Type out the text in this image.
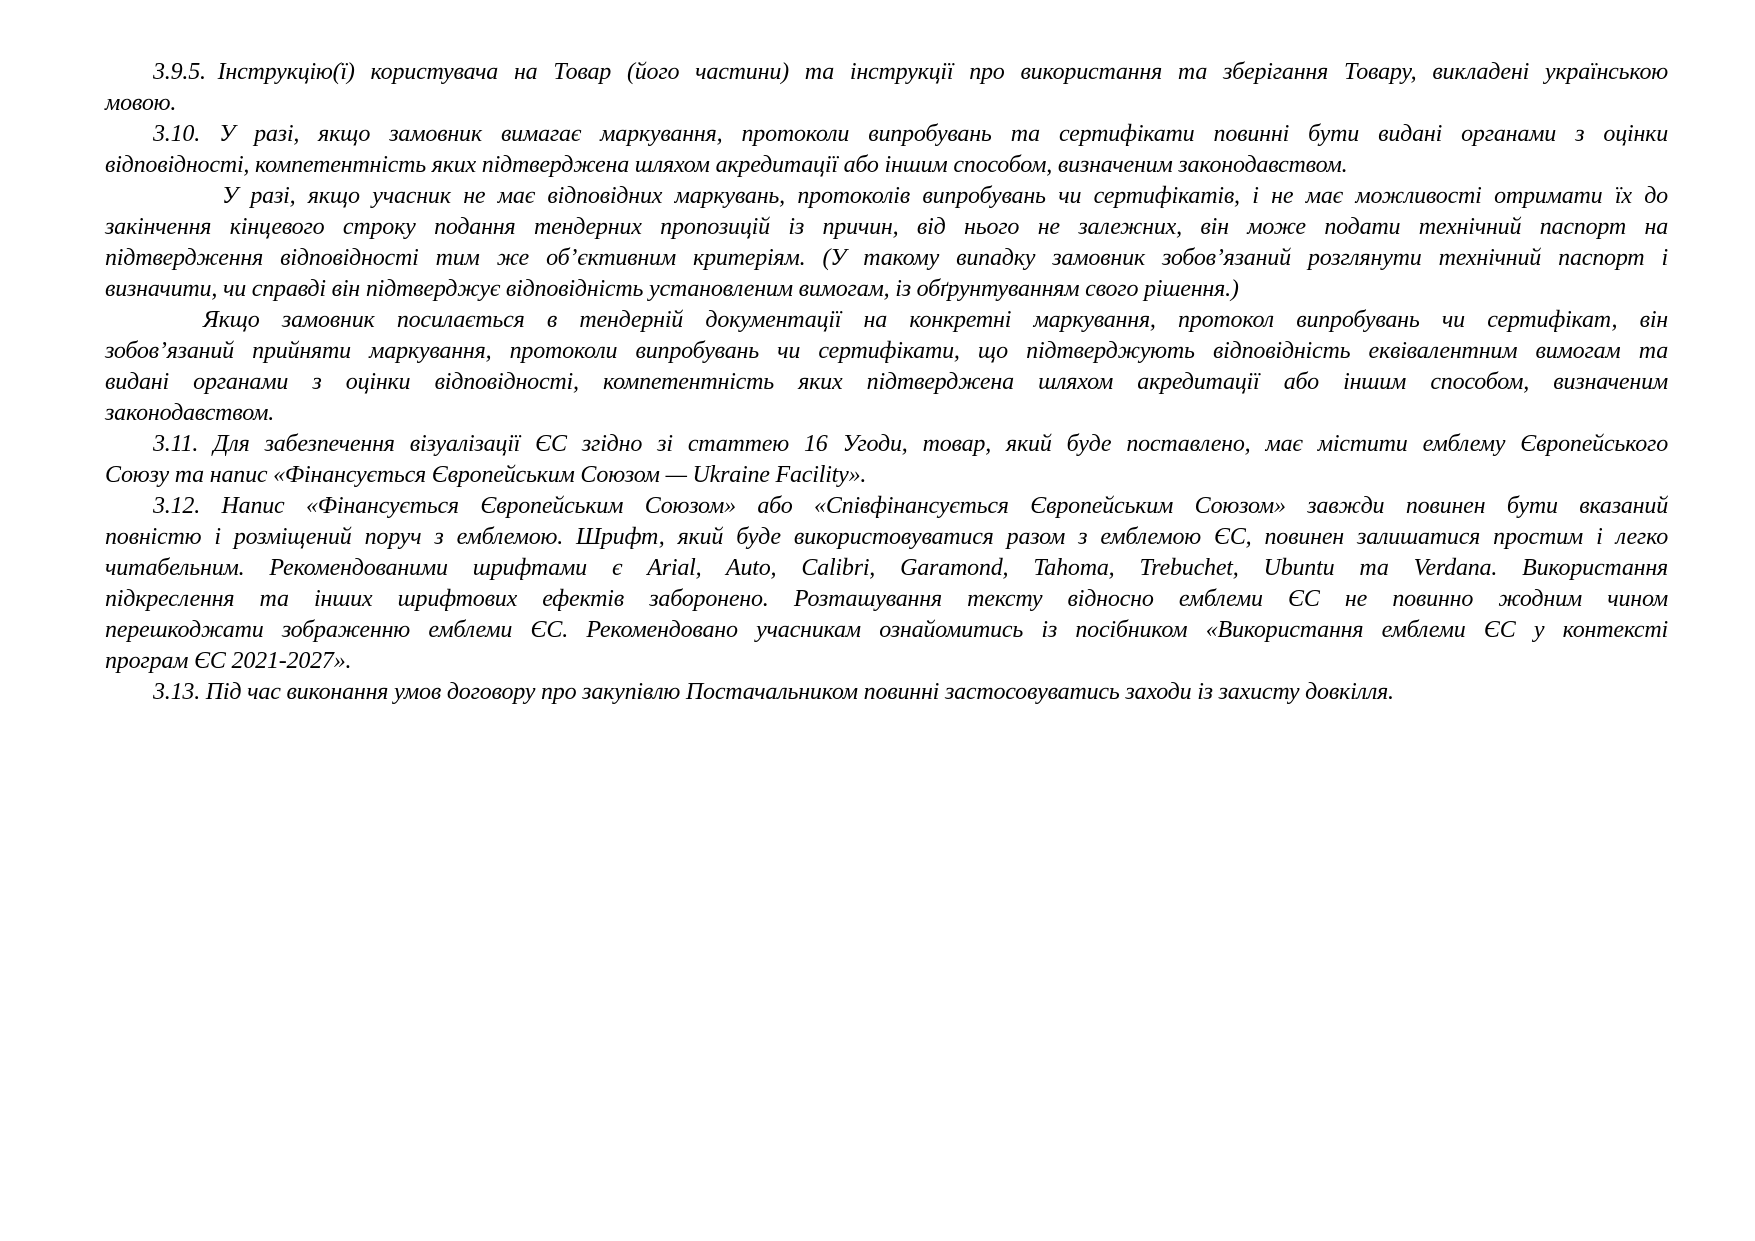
3.9.5. Інструкцію(ї) користувача на Товар (його частини) та інструкції про використання та зберігання Товару, викладені українською
мовою.
3.10. У разі, якщо замовник вимагає маркування, протоколи випробувань та сертифікати повинні бути видані органами з оцінки
відповідності, компетентність яких підтверджена шляхом акредитації або іншим способом, визначеним законодавством.
У разі, якщо учасник не має відповідних маркувань, протоколів випробувань чи сертифікатів, і не має можливості отримати їх до
закінчення кінцевого строку подання тендерних пропозицій із причин, від нього не залежних, він може подати технічний паспорт на
підтвердження відповідності тим же об’єктивним критеріям. (У такому випадку замовник зобов’язаний розглянути технічний паспорт і
визначити, чи справді він підтверджує відповідність установленим вимогам, із обґрунтуванням свого рішення.)
Якщо замовник посилається в тендерній документації на конкретні маркування, протокол випробувань чи сертифікат, він
зобов’язаний прийняти маркування, протоколи випробувань чи сертифікати, що підтверджують відповідність еквівалентним вимогам та
видані органами з оцінки відповідності, компетентність яких підтверджена шляхом акредитації або іншим способом, визначеним
законодавством.
3.11. Для забезпечення візуалізації ЄС згідно зі статтею 16 Угоди, товар, який буде поставлено, має містити емблему Європейського
Союзу та напис «Фінансується Європейським Союзом — Ukraine Facility».
3.12. Напис «Фінансується Європейським Союзом» або «Співфінансується Європейським Союзом» завжди повинен бути вказаний
повністю і розміщений поруч з емблемою. Шрифт, який буде використовуватися разом з емблемою ЄС, повинен залишатися простим і легко
читабельним. Рекомендованими шрифтами є Arial, Auto, Calibri, Garamond, Tahoma, Trebuchet, Ubuntu та Verdana. Використання
підкреслення та інших шрифтових ефектів заборонено. Розташування тексту відносно емблеми ЄС не повинно жодним чином
перешкоджати зображенню емблеми ЄС. Рекомендовано учасникам ознайомитись із посібником «Використання емблеми ЄС у контексті
програм ЄС 2021-2027».
3.13. Під час виконання умов договору про закупівлю Постачальником повинні застосовуватись заходи із захисту довкілля.
